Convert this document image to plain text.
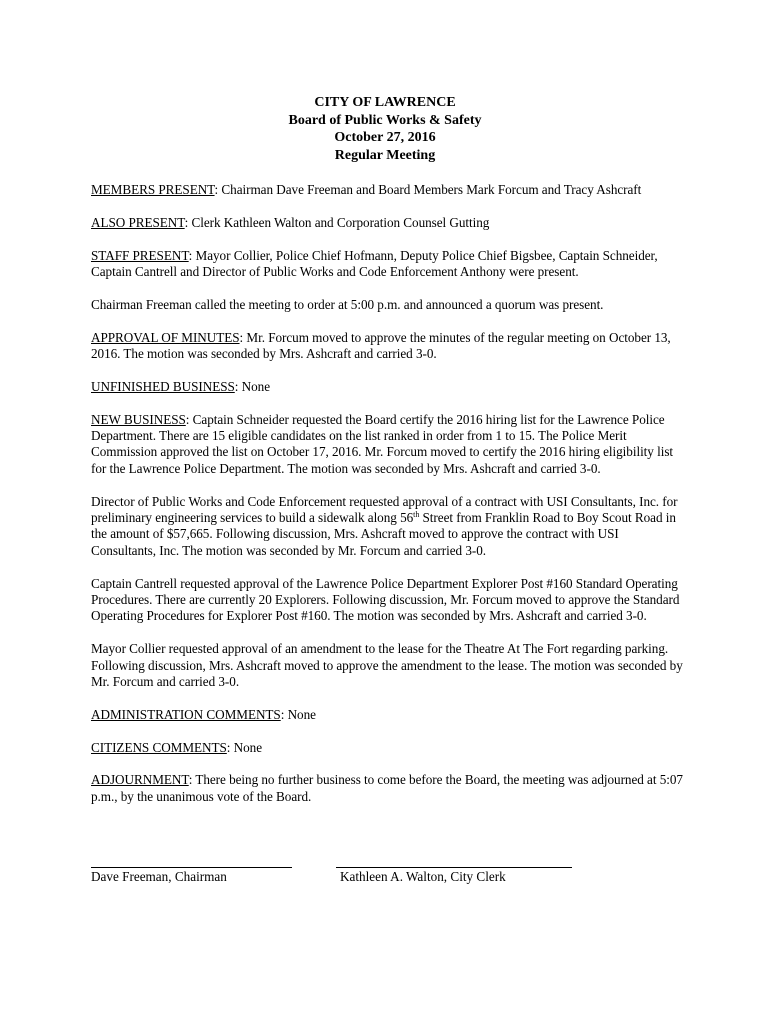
CITY OF LAWRENCE
Board of Public Works & Safety
October 27, 2016
Regular Meeting

MEMBERS PRESENT: Chairman Dave Freeman and Board Members Mark Forcum and Tracy Ashcraft

ALSO PRESENT: Clerk Kathleen Walton and Corporation Counsel Gutting

STAFF PRESENT: Mayor Collier, Police Chief Hofmann, Deputy Police Chief Bigsbee, Captain Schneider, Captain Cantrell and Director of Public Works and Code Enforcement Anthony were present.

Chairman Freeman called the meeting to order at 5:00 p.m. and announced a quorum was present.

APPROVAL OF MINUTES: Mr. Forcum moved to approve the minutes of the regular meeting on October 13, 2016. The motion was seconded by Mrs. Ashcraft and carried 3-0.

UNFINISHED BUSINESS: None

NEW BUSINESS: Captain Schneider requested the Board certify the 2016 hiring list for the Lawrence Police Department. There are 15 eligible candidates on the list ranked in order from 1 to 15. The Police Merit Commission approved the list on October 17, 2016. Mr. Forcum moved to certify the 2016 hiring eligibility list for the Lawrence Police Department. The motion was seconded by Mrs. Ashcraft and carried 3-0.

Director of Public Works and Code Enforcement requested approval of a contract with USI Consultants, Inc. for preliminary engineering services to build a sidewalk along 56th Street from Franklin Road to Boy Scout Road in the amount of $57,665. Following discussion, Mrs. Ashcraft moved to approve the contract with USI Consultants, Inc. The motion was seconded by Mr. Forcum and carried 3-0.

Captain Cantrell requested approval of the Lawrence Police Department Explorer Post #160 Standard Operating Procedures. There are currently 20 Explorers. Following discussion, Mr. Forcum moved to approve the Standard Operating Procedures for Explorer Post #160. The motion was seconded by Mrs. Ashcraft and carried 3-0.

Mayor Collier requested approval of an amendment to the lease for the Theatre At The Fort regarding parking. Following discussion, Mrs. Ashcraft moved to approve the amendment to the lease. The motion was seconded by Mr. Forcum and carried 3-0.

ADMINISTRATION COMMENTS: None

CITIZENS COMMENTS: None

ADJOURNMENT: There being no further business to come before the Board, the meeting was adjourned at 5:07 p.m., by the unanimous vote of the Board.

Dave Freeman, Chairman	Kathleen A. Walton, City Clerk
